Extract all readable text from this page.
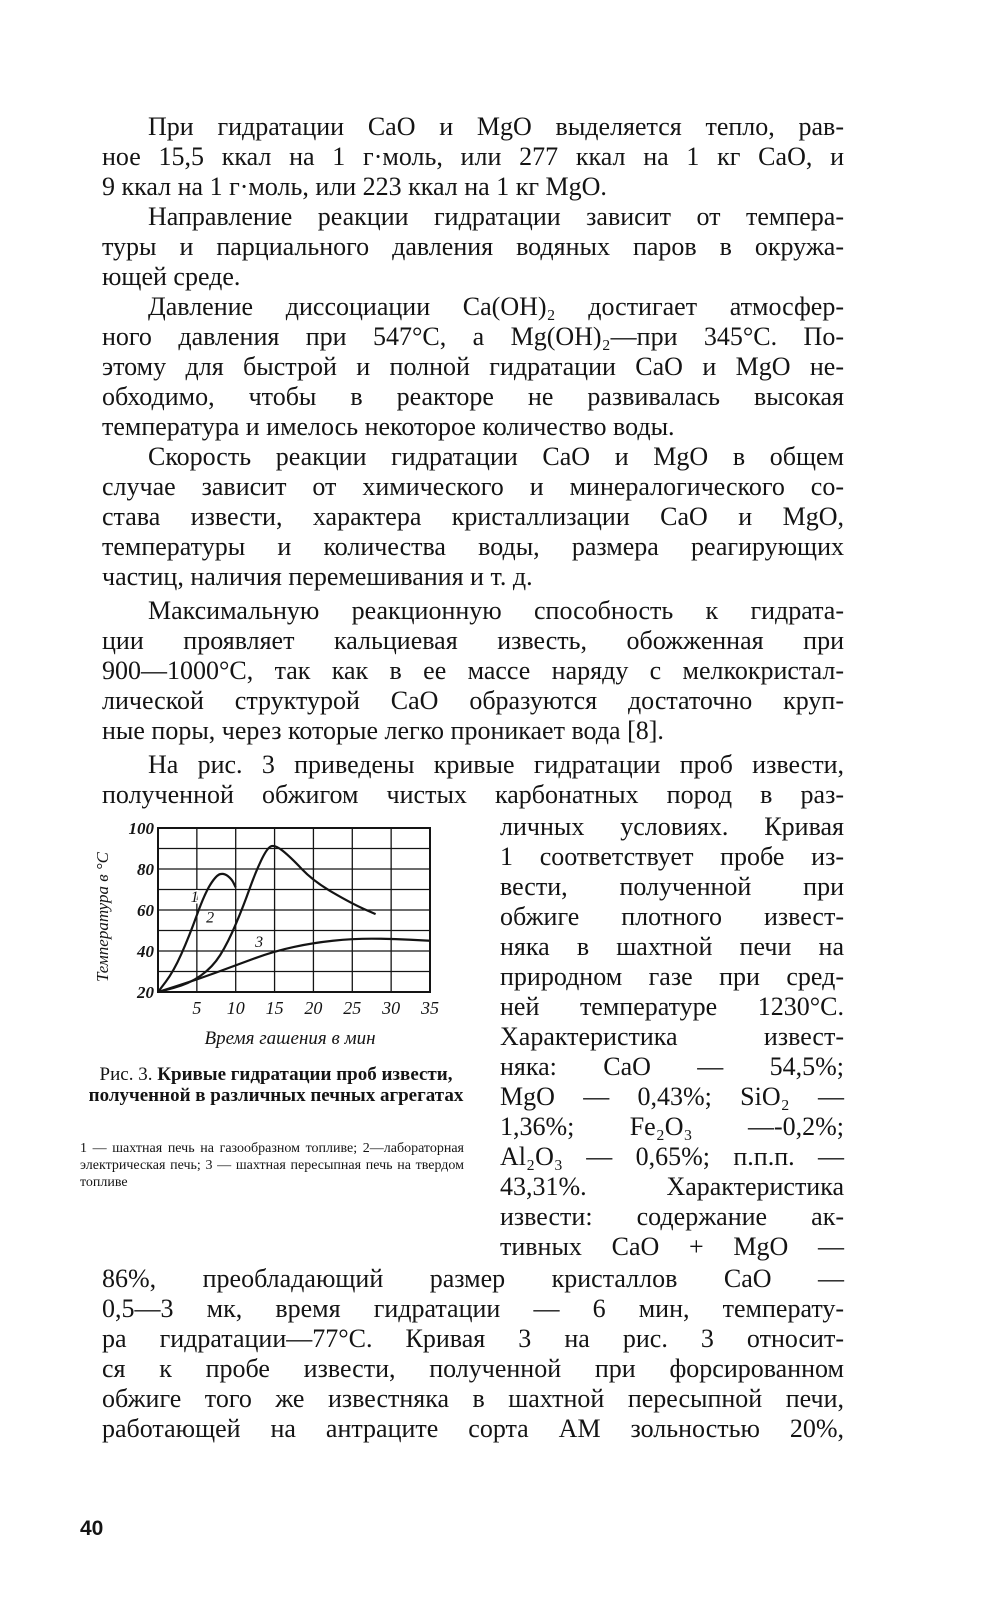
При гидратации CaO и MgO выделяется тепло, рав-
ное 15,5 ккал на 1 г·моль, или 277 ккал на 1 кг CaO, и
9 ккал на 1 г·моль, или 223 ккал на 1 кг MgO.
Направление реакции гидратации зависит от темпера-
туры и парциального давления водяных паров в окружа-
ющей среде.
Давление диссоциации Ca(OH)₂ достигает атмосфер-
ного давления при 547°C, а Mg(OH)₂—при 345°C. По-
этому для быстрой и полной гидратации CaO и MgO не-
обходимо, чтобы в реакторе не развивалась высокая
температура и имелось некоторое количество воды.
Скорость реакции гидратации CaO и MgO в общем
случае зависит от химического и минералогического со-
става извести, характера кристаллизации CaO и MgO,
температуры и количества воды, размера реагирующих
частиц, наличия перемешивания и т. д.
Максимальную реакционную способность к гидрата-
ции проявляет кальциевая известь, обожженная при
900—1000°C, так как в ее массе наряду с мелкокристал-
лической структурой CaO образуются достаточно круп-
ные поры, через которые легко проникает вода [8].
На рис. 3 приведены кривые гидратации проб извести,
полученной обжигом чистых карбонатных пород в раз-
личных условиях. Кривая
1 соответствует пробе из-
вести, полученной при
обжиге плотного извест-
няка в шахтной печи на
природном газе при сред-
ней температуре 1230°C.
Характеристика извест-
няка: CaO — 54,5%;
MgO — 0,43%; SiO₂ —
1,36%; Fe₂O₃ —-0,2%;
Al₂O₃ — 0,65%; п.п.п. —
43,31%. Характеристика
извести: содержание ак-
тивных CaO + MgO —
86%, преобладающий размер кристаллов CaO —
0,5—3 мк, время гидратации — 6 мин, температу-
ра гидратации—77°C. Кривая 3 на рис. 3 относит-
ся к пробе извести, полученной при форсированном
обжиге того же известняка в шахтной пересыпной печи,
работающей на антраците сорта АМ зольностью 20%,
5 10 15 20 25 30 35
20
40
60
80
100
1
2
3
Температура в °C
Время гашения в мин
Рис. 3. Кривые гидратации проб извести, полученной в различных печных агрегатах
1 — шахтная печь на газообразном топливе; 2—лабораторная электрическая печь; 3 — шахтная пересыпная печь на твердом топливе
40
